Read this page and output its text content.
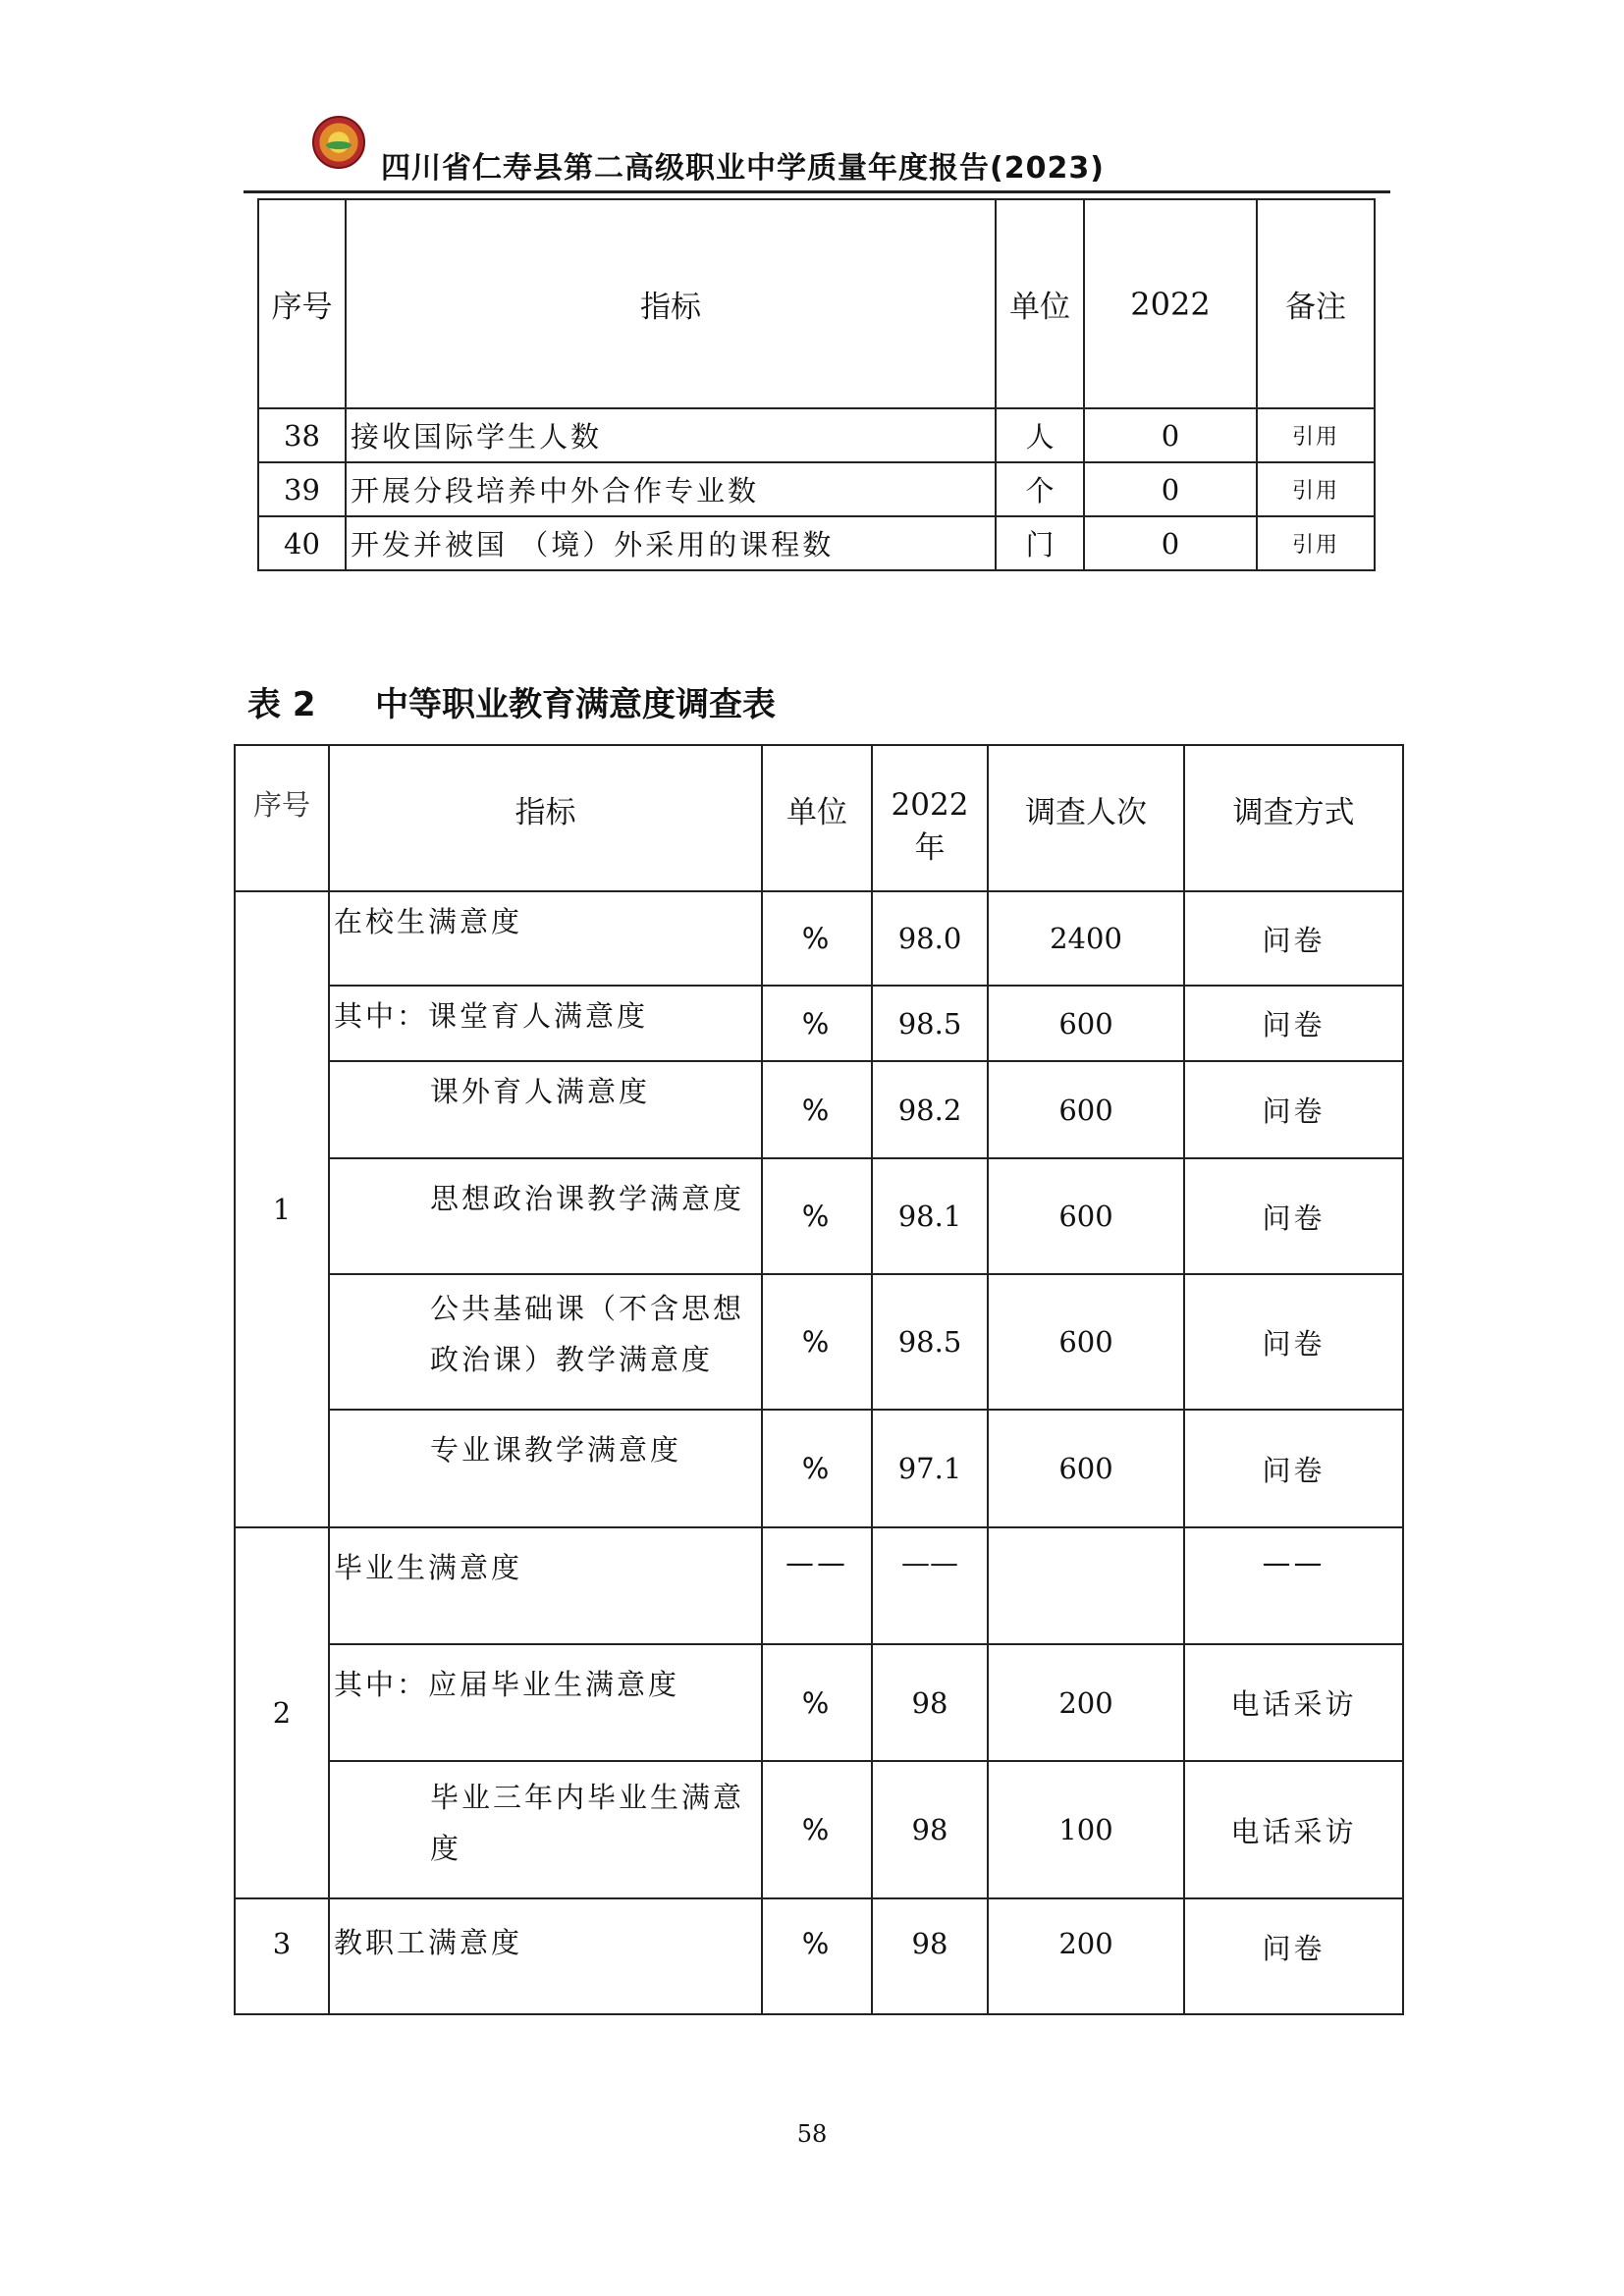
四川省仁寿县第二高级职业中学质量年度报告(2023)
序号	指标	单位	2022	备注
38	接收国际学生人数	人	0	引用
39	开展分段培养中外合作专业数	个	0	引用
40	开发并被国 （境）外采用的课程数	门	0	引用
表 2 中等职业教育满意度调查表
序号	指标	单位	2022 年	调查人次	调查方式
1	在校生满意度	%	98.0	2400	问卷
	其中：课堂育人满意度	%	98.5	600	问卷
	课外育人满意度	%	98.2	600	问卷
	思想政治课教学满意度	%	98.1	600	问卷
	公共基础课（不含思想政治课）教学满意度	%	98.5	600	问卷
	专业课教学满意度	%	97.1	600	问卷
2	毕业生满意度	——	——		——
	其中：应届毕业生满意度	%	98	200	电话采访
	毕业三年内毕业生满意度	%	98	100	电话采访
3	教职工满意度	%	98	200	问卷
58
